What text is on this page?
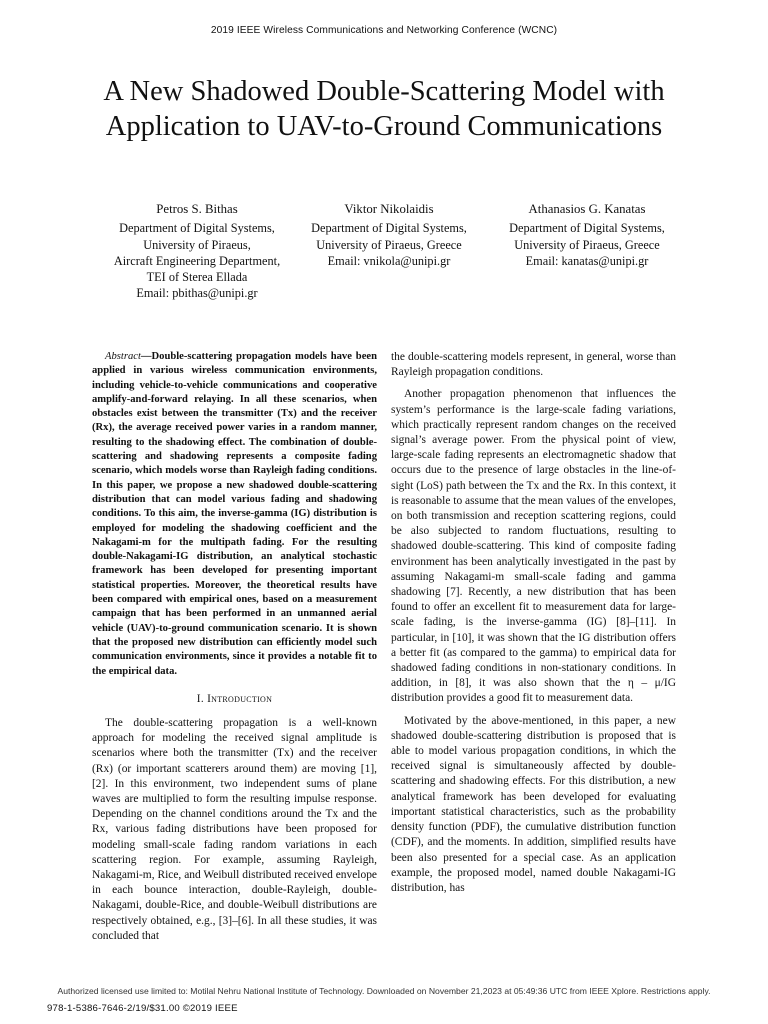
2019 IEEE Wireless Communications and Networking Conference (WCNC)
A New Shadowed Double-Scattering Model with Application to UAV-to-Ground Communications
Petros S. Bithas
Department of Digital Systems,
University of Piraeus,
Aircraft Engineering Department,
TEI of Sterea Ellada
Email: pbithas@unipi.gr
Viktor Nikolaidis
Department of Digital Systems,
University of Piraeus, Greece
Email: vnikola@unipi.gr
Athanasios G. Kanatas
Department of Digital Systems,
University of Piraeus, Greece
Email: kanatas@unipi.gr

Abstract—Double-scattering propagation models have been applied in various wireless communication environments, including vehicle-to-vehicle communications and cooperative amplify-and-forward relaying. In all these scenarios, when obstacles exist between the transmitter (Tx) and the receiver (Rx), the average received power varies in a random manner, resulting to the shadowing effect. The combination of double-scattering and shadowing represents a composite fading scenario, which models worse than Rayleigh fading conditions. In this paper, we propose a new shadowed double-scattering distribution that can model various fading and shadowing conditions. To this aim, the inverse-gamma (IG) distribution is employed for modeling the shadowing coefficient and the Nakagami-m for the multipath fading. For the resulting double-Nakagami-IG distribution, an analytical stochastic framework has been developed for presenting important statistical properties. Moreover, the theoretical results have been compared with empirical ones, based on a measurement campaign that has been performed in an unmanned aerial vehicle (UAV)-to-ground communication scenario. It is shown that the proposed new distribution can efficiently model such communication environments, since it provides a notable fit to the empirical data.

I. Introduction

The double-scattering propagation is a well-known approach for modeling the received signal amplitude is scenarios where both the transmitter (Tx) and the receiver (Rx) (or important scatterers around them) are moving [1], [2]. In this environment, two independent sums of plane waves are multiplied to form the resulting impulse response. Depending on the channel conditions around the Tx and the Rx, various fading distributions have been proposed for modeling small-scale fading random variations in each scattering region. For example, assuming Rayleigh, Nakagami-m, Rice, and Weibull distributed received envelope in each bounce interaction, double-Rayleigh, double-Nakagami, double-Rice, and double-Weibull distributions are respectively obtained, e.g., [3]–[6]. In all these studies, it was concluded that

the double-scattering models represent, in general, worse than Rayleigh propagation conditions.

Another propagation phenomenon that influences the system’s performance is the large-scale fading variations, which practically represent random changes on the received signal’s average power. From the physical point of view, large-scale fading represents an electromagnetic shadow that occurs due to the presence of large obstacles in the line-of-sight (LoS) path between the Tx and the Rx. In this context, it is reasonable to assume that the mean values of the envelopes, on both transmission and reception scattering regions, could be also subjected to random fluctuations, resulting to shadowed double-scattering. This kind of composite fading environment has been analytically investigated in the past by assuming Nakagami-m small-scale fading and gamma shadowing [7]. Recently, a new distribution that has been found to offer an excellent fit to measurement data for large-scale fading, is the inverse-gamma (IG) [8]–[11]. In particular, in [10], it was shown that the IG distribution offers a better fit (as compared to the gamma) to empirical data for shadowed fading conditions in non-stationary conditions. In addition, in [8], it was also shown that the η – μ/IG distribution provides a good fit to measurement data.

Motivated by the above-mentioned, in this paper, a new shadowed double-scattering distribution is proposed that is able to model various propagation conditions, in which the received signal is simultaneously affected by double-scattering and shadowing effects. For this distribution, a new analytical framework has been developed for evaluating important statistical characteristics, such as the probability density function (PDF), the cumulative distribution function (CDF), and the moments. In addition, simplified results have been also presented for a special case. As an application example, the proposed model, named double Nakagami-IG distribution, has

Authorized licensed use limited to: Motilal Nehru National Institute of Technology. Downloaded on November 21,2023 at 05:49:36 UTC from IEEE Xplore. Restrictions apply.
978-1-5386-7646-2/19/$31.00 ©2019 IEEE
